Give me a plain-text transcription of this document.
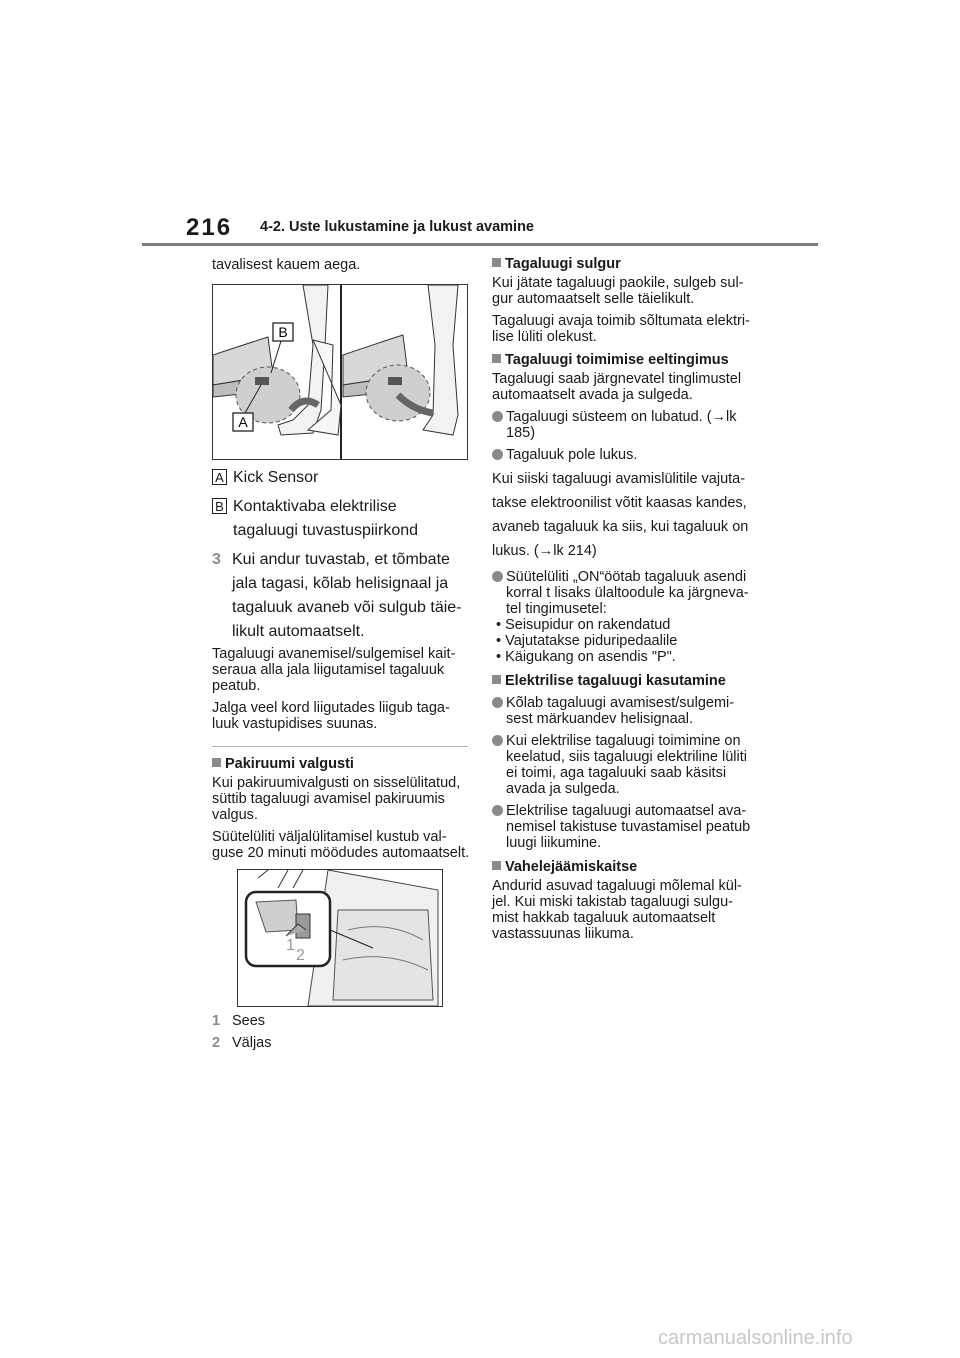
216 4-2. Uste lukustamine ja lukust avamine
tavalisest kauem aega.
B
A
A Kick Sensor
B Kontaktivaba elektrilise
tagaluugi tuvastuspiirkond
3 Kui andur tuvastab, et tõmbate
jala tagasi, kõlab helisignaal ja
tagaluuk avaneb või sulgub täie-
likult automaatselt.

Tagaluugi avanemisel/sulgemisel kait-

seraua alla jala liigutamisel tagaluuk

peatub.

Jalga veel kord liigutades liigub taga-

luuk vastupidises suunas.

Pakiruumi valgusti

Kui pakiruumivalgusti on sisselülitatud,

süttib tagaluugi avamisel pakiruumis

valgus.

Süütelüliti väljalülitamisel kustub val-

guse 20 minuti möödudes automaatselt.

1
2

1 Sees

2 Väljas

Tagaluugi sulgur

Kui jätate tagaluugi paokile, sulgeb sul-

gur automaatselt selle täielikult.

Tagaluugi avaja toimib sõltumata elektri-

lise lüliti olekust.

Tagaluugi toimimise eeltingimus

Tagaluugi saab järgnevatel tinglimustel

automaatselt avada ja sulgeda.

Tagaluugi süsteem on lubatud. (→lk

185)

Tagaluuk pole lukus.

Kui siiski tagaluugi avamislülitile vajuta-

takse elektroonilist võtit kaasas kandes,

avaneb tagaluuk ka siis, kui tagaluuk on

lukus. (→lk 214)

Süütelüliti „ON“öötab tagaluuk asendi

korral t lisaks ülaltoodule ka järgneva-

tel tingimusetel:

• Seisupidur on rakendatud

• Vajutatakse piduripedaalile

• Käigukang on asendis "P".

Elektrilise tagaluugi kasutamine

Kõlab tagaluugi avamisest/sulgemi-

sest märkuandev helisignaal.

Kui elektrilise tagaluugi toimimine on

keelatud, siis tagaluugi elektriline lüliti

ei toimi, aga tagaluuki saab käsitsi

avada ja sulgeda.

Elektrilise tagaluugi automaatsel ava-

nemisel takistuse tuvastamisel peatub

luugi liikumine.

Vahelejäämiskaitse

Andurid asuvad tagaluugi mõlemal kül-

jel. Kui miski takistab tagaluugi sulgu-

mist hakkab tagaluuk automaatselt

vastassuunas liikuma.

carmanualsonline.info
